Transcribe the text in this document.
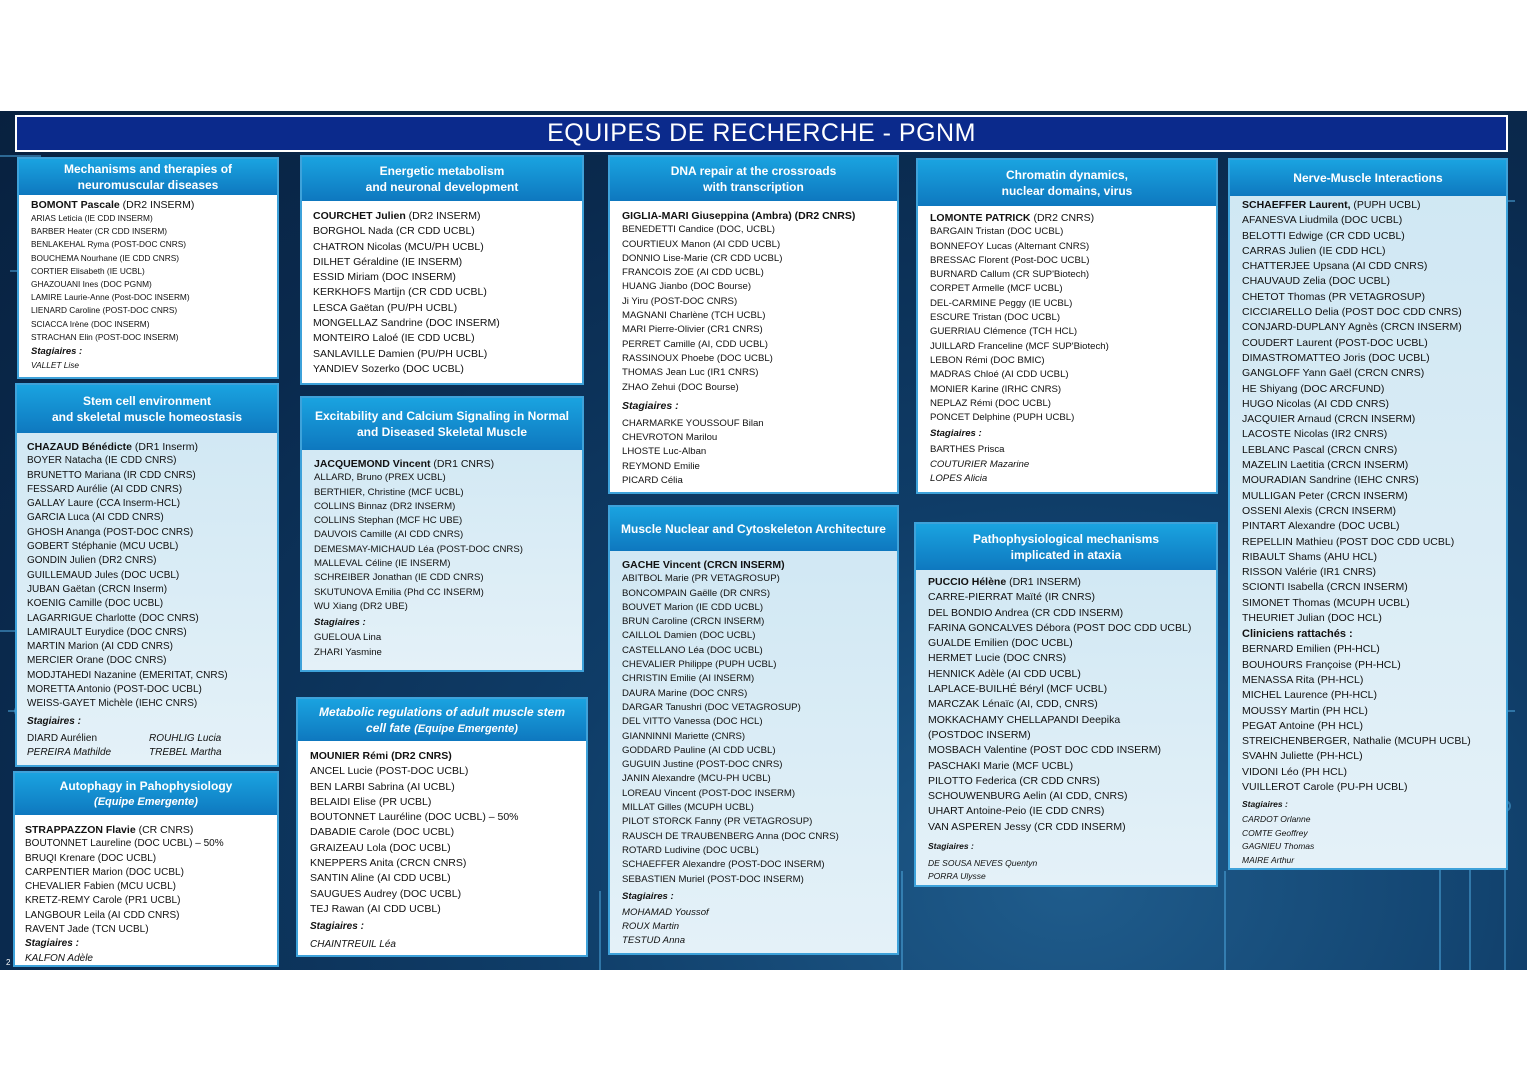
EQUIPES DE RECHERCHE - PGNM
Mechanisms and therapies of
neuromuscular diseases
BOMONT Pascale (DR2 INSERM)
ARIAS Leticia (IE CDD INSERM)
BARBER Heater (CR CDD INSERM)
BENLAKEHAL Ryma (POST-DOC CNRS)
BOUCHEMA Nourhane (IE CDD CNRS)
CORTIER Elisabeth (IE UCBL)
GHAZOUANI Ines (DOC PGNM)
LAMIRE Laurie-Anne (Post-DOC INSERM)
LIENARD Caroline (POST-DOC CNRS)
SCIACCA Irène (DOC INSERM)
STRACHAN Elin (POST-DOC INSERM)
Stagiaires :
VALLET Lise
Stem cell environment
and skeletal muscle homeostasis
CHAZAUD Bénédicte (DR1 Inserm)
BOYER Natacha (IE CDD CNRS)
BRUNETTO Mariana (IR CDD CNRS)
FESSARD Aurélie (AI CDD CNRS)
GALLAY Laure (CCA Inserm-HCL)
GARCIA Luca (AI CDD CNRS)
GHOSH Ananga (POST-DOC CNRS)
GOBERT Stéphanie (MCU UCBL)
GONDIN Julien (DR2 CNRS)
GUILLEMAUD Jules (DOC UCBL)
JUBAN Gaëtan (CRCN Inserm)
KOENIG Camille (DOC UCBL)
LAGARRIGUE Charlotte (DOC CNRS)
LAMIRAULT Eurydice (DOC CNRS)
MARTIN Marion (AI CDD CNRS)
MERCIER Orane (DOC CNRS)
MODJTAHEDI Nazanine (EMERITAT, CNRS)
MORETTA Antonio (POST-DOC UCBL)
WEISS-GAYET Michèle (IEHC CNRS)
Stagiaires :
DIARD Aurélien
PEREIRA Mathilde
ROUHLIG Lucia
TREBEL Martha
Autophagy in Pahophysiology
(Equipe Emergente)
STRAPPAZZON Flavie (CR CNRS)
BOUTONNET Laureline (DOC UCBL) – 50%
BRUQI Krenare (DOC UCBL)
CARPENTIER Marion (DOC UCBL)
CHEVALIER Fabien (MCU UCBL)
KRETZ-REMY Carole (PR1 UCBL)
LANGBOUR Leila (AI CDD CNRS)
RAVENT Jade (TCN UCBL)
Stagiaires :
KALFON Adèle
Energetic metabolism
and neuronal development
COURCHET Julien (DR2 INSERM)
BORGHOL Nada (CR CDD UCBL)
CHATRON Nicolas (MCU/PH UCBL)
DILHET Géraldine (IE INSERM)
ESSID Miriam (DOC INSERM)
KERKHOFS Martijn (CR CDD UCBL)
LESCA Gaëtan (PU/PH UCBL)
MONGELLAZ Sandrine (DOC INSERM)
MONTEIRO Laloé (IE CDD UCBL)
SANLAVILLE Damien (PU/PH UCBL)
YANDIEV Sozerko (DOC UCBL)
Excitability and Calcium Signaling in Normal
and Diseased Skeletal Muscle
JACQUEMOND Vincent (DR1 CNRS)
ALLARD, Bruno (PREX UCBL)
BERTHIER, Christine (MCF UCBL)
COLLINS Binnaz (DR2 INSERM)
COLLINS Stephan (MCF HC UBE)
DAUVOIS Camille (AI CDD CNRS)
DEMESMAY-MICHAUD Léa (POST-DOC CNRS)
MALLEVAL Céline (IE INSERM)
SCHREIBER Jonathan (IE CDD CNRS)
SKUTUNOVA Emilia (Phd CC INSERM)
WU Xiang (DR2 UBE)
Stagiaires :
GUELOUA Lina
ZHARI Yasmine
Metabolic regulations of adult muscle stem
cell fate (Equipe Emergente)
MOUNIER Rémi (DR2 CNRS)
ANCEL Lucie (POST-DOC UCBL)
BEN LARBI Sabrina (AI UCBL)
BELAIDI Elise (PR UCBL)
BOUTONNET Lauréline (DOC UCBL) – 50%
DABADIE Carole (DOC UCBL)
GRAIZEAU Lola (DOC UCBL)
KNEPPERS Anita (CRCN CNRS)
SANTIN Aline (AI CDD UCBL)
SAUGUES Audrey (DOC UCBL)
TEJ Rawan (AI CDD UCBL)
Stagiaires :
CHAINTREUIL Léa
DNA repair at the crossroads
with transcription
GIGLIA-MARI Giuseppina (Ambra) (DR2 CNRS)
BENEDETTI Candice (DOC, UCBL)
COURTIEUX Manon (AI CDD UCBL)
DONNIO Lise-Marie (CR CDD UCBL)
FRANCOIS ZOE (AI CDD UCBL)
HUANG Jianbo (DOC Bourse)
Ji Yiru (POST-DOC CNRS)
MAGNANI Charlène (TCH UCBL)
MARI Pierre-Olivier (CR1 CNRS)
PERRET Camille (AI, CDD UCBL)
RASSINOUX Phoebe (DOC UCBL)
THOMAS Jean Luc (IR1 CNRS)
ZHAO Zehui (DOC Bourse)
Stagiaires :
CHARMARKE YOUSSOUF Bilan
CHEVROTON Marilou
LHOSTE Luc-Alban
REYMOND Emilie
PICARD Célia
Muscle Nuclear and Cytoskeleton Architecture
GACHE Vincent (CRCN INSERM)
ABITBOL Marie (PR VETAGROSUP)
BONCOMPAIN Gaëlle (DR CNRS)
BOUVET Marion (IE CDD UCBL)
BRUN Caroline (CRCN INSERM)
CAILLOL Damien (DOC UCBL)
CASTELLANO Léa (DOC UCBL)
CHEVALIER Philippe (PUPH UCBL)
CHRISTIN Emilie (AI INSERM)
DAURA Marine (DOC CNRS)
DARGAR Tanushri (DOC VETAGROSUP)
DEL VITTO Vanessa (DOC HCL)
GIANNINNI Mariette (CNRS)
GODDARD Pauline (AI CDD UCBL)
GUGUIN Justine (POST-DOC CNRS)
JANIN Alexandre (MCU-PH UCBL)
LOREAU Vincent (POST-DOC INSERM)
MILLAT Gilles (MCUPH UCBL)
PILOT STORCK Fanny (PR VETAGROSUP)
RAUSCH DE TRAUBENBERG Anna (DOC CNRS)
ROTARD Ludivine (DOC UCBL)
SCHAEFFER Alexandre (POST-DOC INSERM)
SEBASTIEN Muriel (POST-DOC INSERM)
Stagiaires :
MOHAMAD Youssof
ROUX Martin
TESTUD Anna
Chromatin dynamics,
nuclear domains, virus
LOMONTE PATRICK (DR2 CNRS)
BARGAIN Tristan (DOC UCBL)
BONNEFOY Lucas (Alternant CNRS)
BRESSAC Florent (Post-DOC UCBL)
BURNARD Callum (CR SUP'Biotech)
CORPET Armelle (MCF UCBL)
DEL-CARMINE Peggy (IE UCBL)
ESCURE Tristan (DOC UCBL)
GUERRIAU Clémence (TCH HCL)
JUILLARD Franceline (MCF SUP'Biotech)
LEBON Rémi (DOC BMIC)
MADRAS Chloé (AI CDD UCBL)
MONIER Karine (IRHC CNRS)
NEPLAZ Rémi (DOC UCBL)
PONCET Delphine (PUPH UCBL)
Stagiaires :
BARTHES Prisca
COUTURIER Mazarine
LOPES Alicia
Pathophysiological mechanisms
implicated in ataxia
PUCCIO Hélène (DR1 INSERM)
CARRE-PIERRAT Maïté (IR CNRS)
DEL BONDIO Andrea (CR CDD INSERM)
FARINA GONCALVES Débora (POST DOC CDD UCBL)
GUALDE Emilien (DOC UCBL)
HERMET Lucie (DOC CNRS)
HENNICK Adèle (AI CDD UCBL)
LAPLACE-BUILHÉ Béryl (MCF UCBL)
MARCZAK Lénaïc (AI, CDD, CNRS)
MOKKACHAMY CHELLAPANDI Deepika
(POSTDOC INSERM)
MOSBACH Valentine (POST DOC CDD INSERM)
PASCHAKI Marie (MCF UCBL)
PILOTTO Federica (CR CDD CNRS)
SCHOUWENBURG Aelin (AI CDD, CNRS)
UHART Antoine-Peio (IE CDD CNRS)
VAN ASPEREN Jessy (CR CDD INSERM)
Stagiaires :
DE SOUSA NEVES Quentyn
PORRA Ulysse
Nerve-Muscle Interactions
SCHAEFFER Laurent, (PUPH UCBL)
AFANESVA Liudmila (DOC UCBL)
BELOTTI Edwige (CR CDD UCBL)
CARRAS Julien (IE CDD HCL)
CHATTERJEE Upsana (AI CDD CNRS)
CHAUVAUD Zelia (DOC UCBL)
CHETOT Thomas (PR VETAGROSUP)
CICCIARELLO Delia (POST DOC CDD CNRS)
CONJARD-DUPLANY Agnès (CRCN INSERM)
COUDERT Laurent (POST-DOC UCBL)
DIMASTROMATTEO Joris (DOC UCBL)
GANGLOFF Yann Gaël (CRCN CNRS)
HE Shiyang (DOC ARCFUND)
HUGO Nicolas (AI CDD CNRS)
JACQUIER Arnaud (CRCN INSERM)
LACOSTE Nicolas (IR2 CNRS)
LEBLANC Pascal (CRCN CNRS)
MAZELIN Laetitia (CRCN INSERM)
MOURADIAN Sandrine (IEHC CNRS)
MULLIGAN Peter (CRCN INSERM)
OSSENI Alexis (CRCN INSERM)
PINTART Alexandre (DOC UCBL)
REPELLIN Mathieu (POST DOC CDD UCBL)
RIBAULT Shams (AHU HCL)
RISSON Valérie (IR1 CNRS)
SCIONTI Isabella (CRCN INSERM)
SIMONET Thomas (MCUPH UCBL)
THEURIET Julian (DOC HCL)
Cliniciens rattachés :
BERNARD Emilien (PH-HCL)
BOUHOURS Françoise (PH-HCL)
MENASSA Rita (PH-HCL)
MICHEL Laurence (PH-HCL)
MOUSSY Martin (PH HCL)
PEGAT Antoine (PH HCL)
STREICHENBERGER, Nathalie (MCUPH UCBL)
SVAHN Juliette (PH-HCL)
VIDONI Léo (PH HCL)
VUILLEROT Carole (PU-PH UCBL)
Stagiaires :
CARDOT Orlanne
COMTE Geoffrey
GAGNIEU Thomas
MAIRE Arthur
2
